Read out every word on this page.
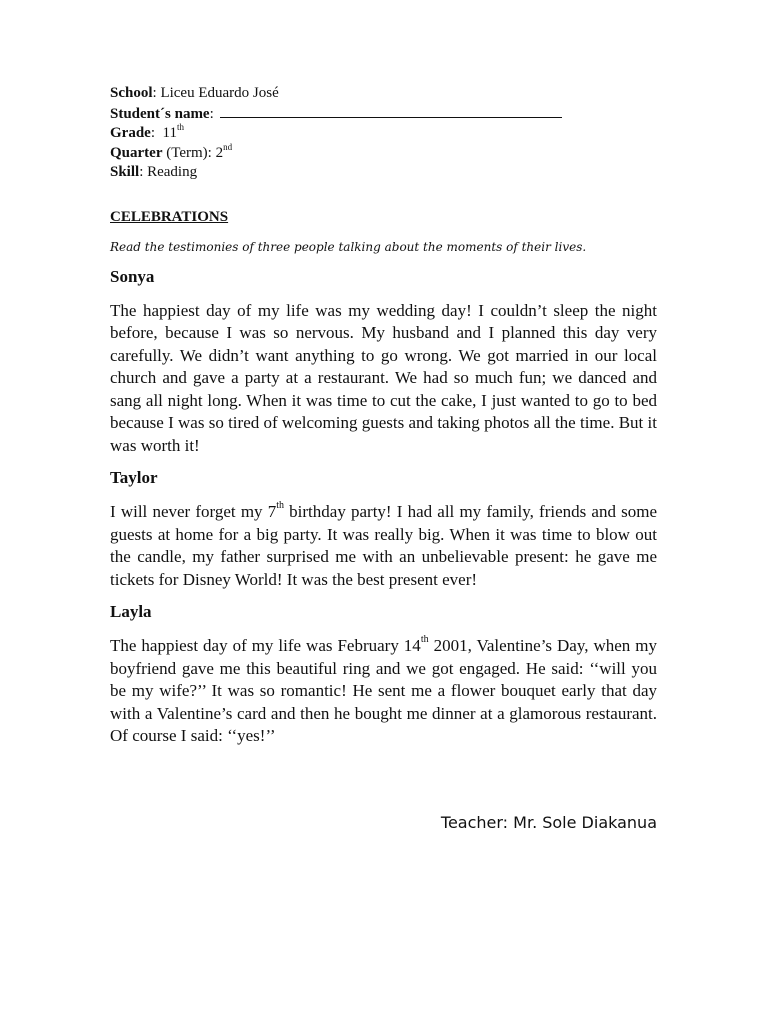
School: Liceu Eduardo José
Student´s name:
Grade:  11th
Quarter (Term): 2nd
Skill: Reading
CELEBRATIONS
Read the testimonies of three people talking about the moments of their lives.
Sonya
The happiest day of my life was my wedding day! I couldn’t sleep the night before, because I was so nervous. My husband and I planned this day very carefully. We didn’t want anything to go wrong. We got married in our local church and gave a party at a restaurant. We had so much fun; we danced and sang all night long. When it was time to cut the cake, I just wanted to go to bed because I was so tired of welcoming guests and taking photos all the time. But it was worth it!
Taylor
I will never forget my 7th birthday party! I had all my family, friends and some guests at home for a big party. It was really big. When it was time to blow out the candle, my father surprised me with an unbelievable present: he gave me tickets for Disney World! It was the best present ever!
Layla
The happiest day of my life was February 14th 2001, Valentine’s Day, when my boyfriend gave me this beautiful ring and we got engaged. He said: ‘‘will you be my wife?’’ It was so romantic! He sent me a flower bouquet early that day with a Valentine’s card and then he bought me dinner at a glamorous restaurant. Of course I said: ‘‘yes!’’
Teacher: Mr. Sole Diakanua
